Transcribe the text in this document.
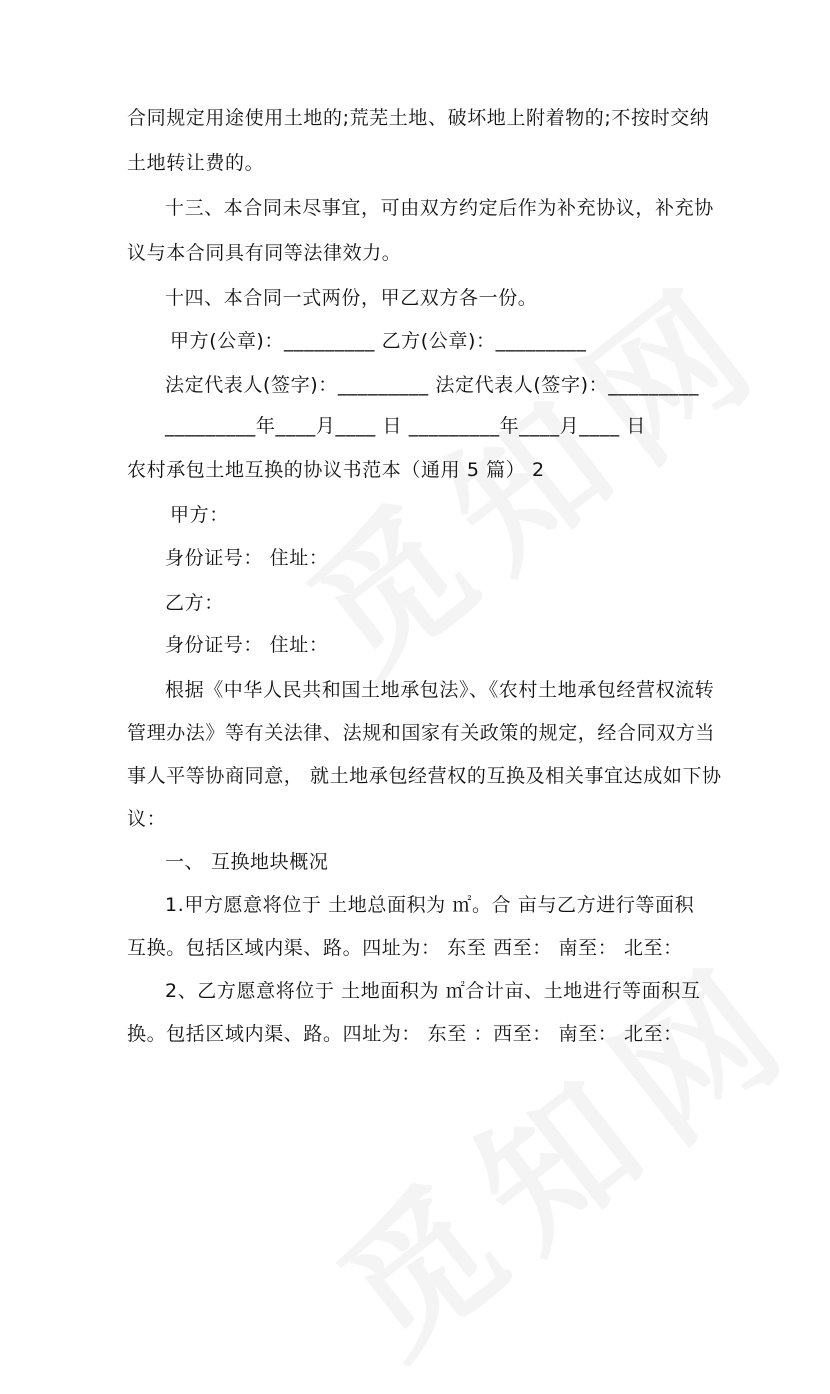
合同规定用途使用土地的;荒芜土地、破坏地上附着物的;不按时交纳
土地转让费的。
十三、本合同未尽事宜，可由双方约定后作为补充协议，补充协
议与本合同具有同等法律效力。
十四、本合同一式两份，甲乙双方各一份。
甲方(公章)：_________ 乙方(公章)：_________
法定代表人(签字)：_________ 法定代表人(签字)：_________
_________年____月____ 日 _________年____月____ 日
农村承包土地互换的协议书范本（通用 5 篇） 2
甲方：
身份证号： 住址：
乙方：
身份证号： 住址：
根据《中华人民共和国土地承包法》、《农村土地承包经营权流转
管理办法》等有关法律、法规和国家有关政策的规定，经合同双方当
事人平等协商同意， 就土地承包经营权的互换及相关事宜达成如下协
议：
一、 互换地块概况
1.甲方愿意将位于 土地总面积为 ㎡。合 亩与乙方进行等面积
互换。包括区域内渠、路。四址为： 东至 西至： 南至： 北至：
2、乙方愿意将位于 土地面积为 ㎡合计亩、土地进行等面积互
换。包括区域内渠、路。四址为： 东至 ：西至： 南至： 北至：
